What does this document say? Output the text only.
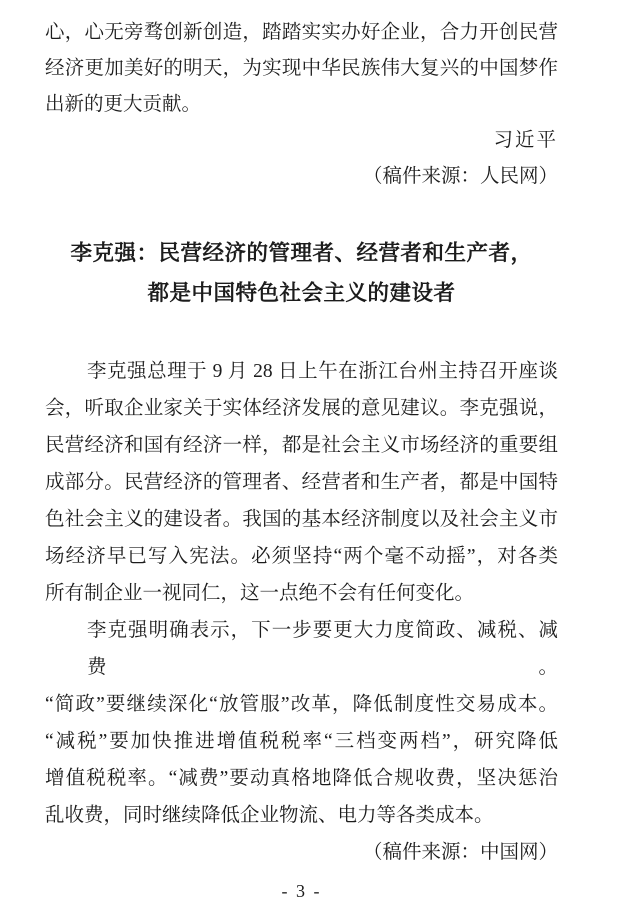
心，心无旁骛创新创造，踏踏实实办好企业，合力开创民营
经济更加美好的明天，为实现中华民族伟大复兴的中国梦作
出新的更大贡献。
习近平
（稿件来源：人民网）
李克强：民营经济的管理者、经营者和生产者，
都是中国特色社会主义的建设者
李克强总理于 9 月 28 日上午在浙江台州主持召开座谈
会，听取企业家关于实体经济发展的意见建议。李克强说，
民营经济和国有经济一样，都是社会主义市场经济的重要组
成部分。民营经济的管理者、经营者和生产者，都是中国特
色社会主义的建设者。我国的基本经济制度以及社会主义市
场经济早已写入宪法。必须坚持“两个毫不动摇”，对各类
所有制企业一视同仁，这一点绝不会有任何变化。
李克强明确表示，下一步要更大力度简政、减税、减费。
“简政”要继续深化“放管服”改革，降低制度性交易成本。
“减税”要加快推进增值税税率“三档变两档”，研究降低
增值税税率。“减费”要动真格地降低合规收费，坚决惩治
乱收费，同时继续降低企业物流、电力等各类成本。
（稿件来源：中国网）
- 3 -
